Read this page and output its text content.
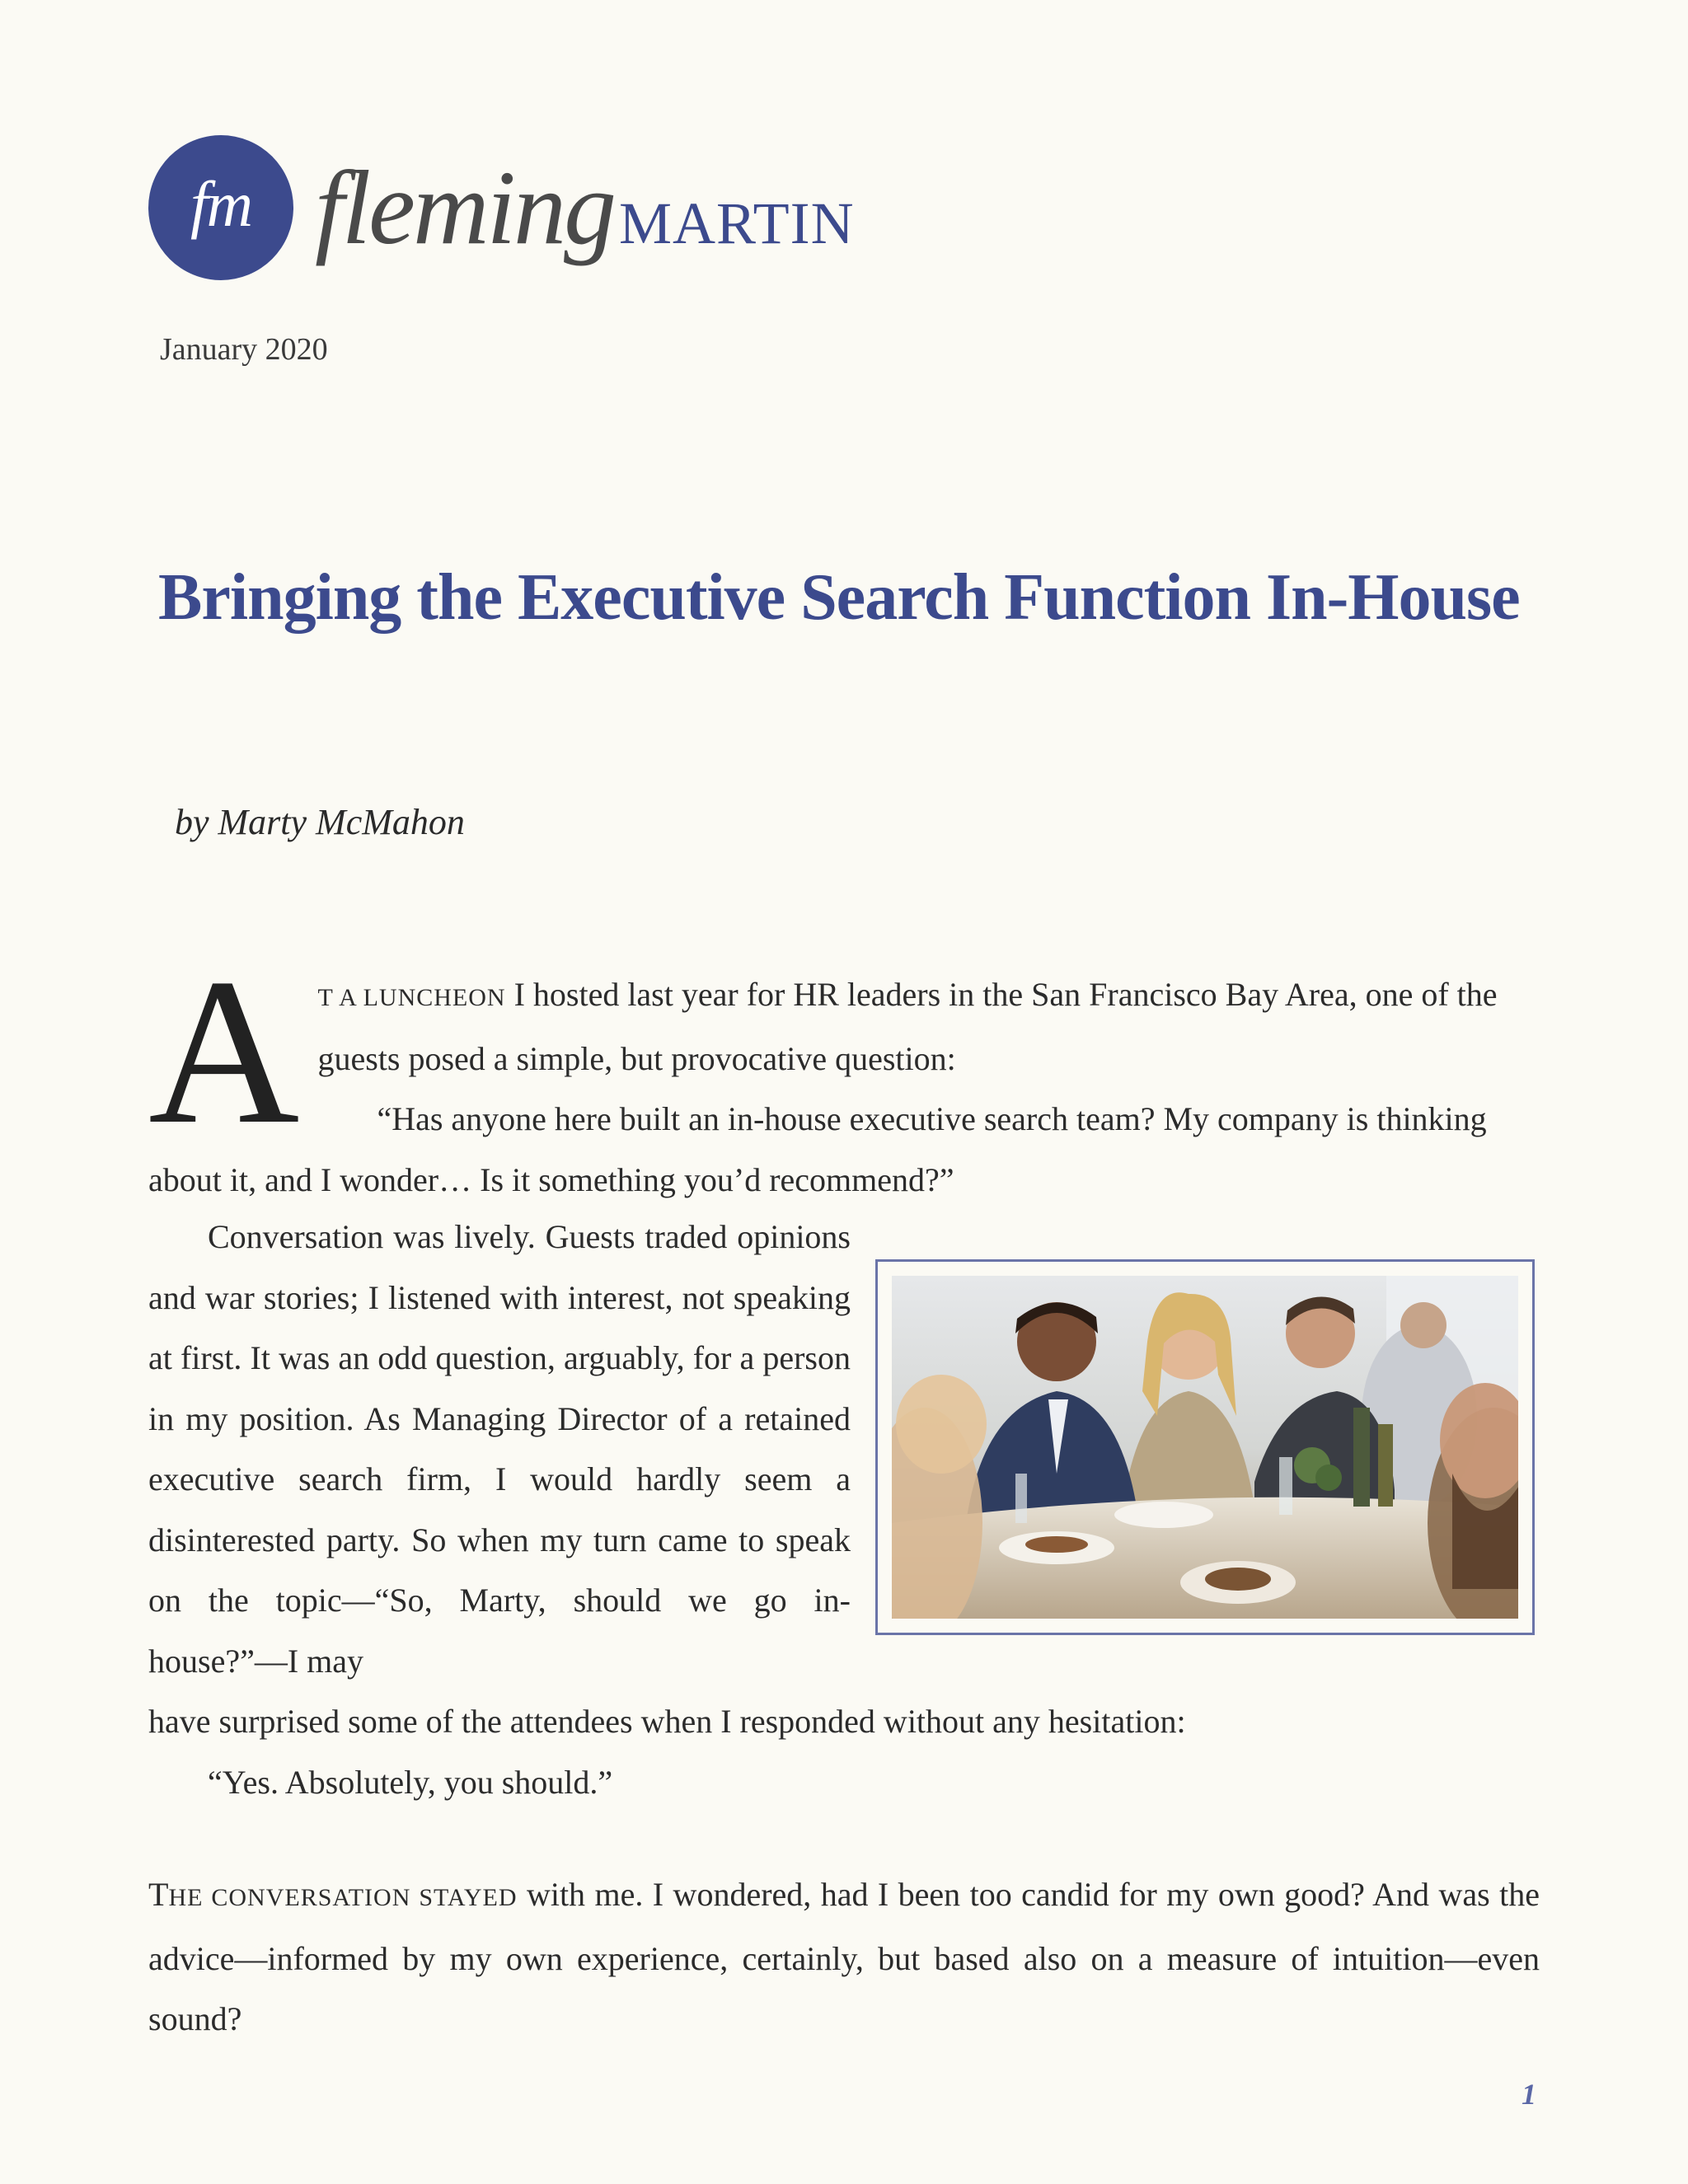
fm fleming MARTIN
January 2020
Bringing the Executive Search Function In-House
by Marty McMahon
A T A LUNCHEON I hosted last year for HR leaders in the San Francisco Bay Area, one of the guests posed a simple, but provocative question:
“Has anyone here built an in-house executive search team? My company is thinking about it, and I wonder… Is it something you’d recommend?”
Conversation was lively. Guests traded opinions and war stories; I listened with interest, not speaking at first. It was an odd question, arguably, for a person in my position. As Managing Director of a retained executive search firm, I would hardly seem a disinterested party. So when my turn came to speak on the topic—“So, Marty, should we go in-house?”—I may
have surprised some of the attendees when I responded without any hesitation:
“Yes. Absolutely, you should.”
THE CONVERSATION STAYED with me. I wondered, had I been too candid for my own good? And was the advice—informed by my own experience, certainly, but based also on a measure of intuition—even sound?
1
